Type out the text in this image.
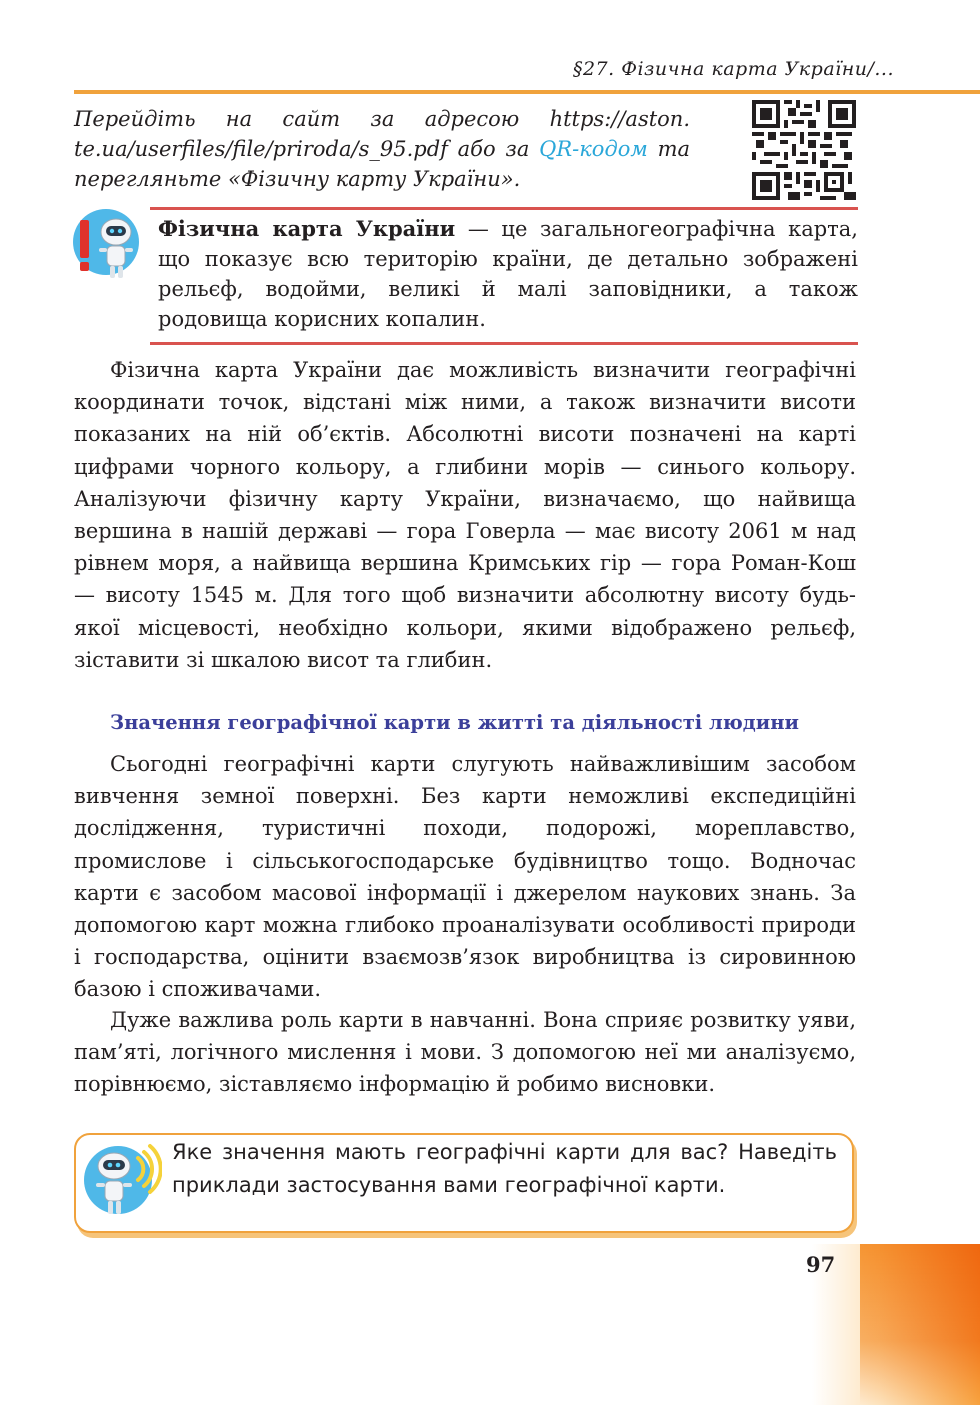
§27. Фізична карта України/...
Перейдіть на сайт за адресою https://aston. te.ua/userfiles/file/priroda/s_95.pdf або за QR-кодом та перегляньте «Фізичну карту України».
Фізична карта України — це загальногеографічна карта, що показує всю територію країни, де детально зображені рельєф, водойми, великі й малі заповідники, а також родовища корисних копалин.
Фізична карта України дає можливість визначити географічні координати точок, відстані між ними, а також визначити висоти показаних на ній об’єктів. Абсолютні висоти позначені на карті цифрами чорного кольору, а глибини морів — синього кольору. Аналізуючи фізичну карту України, визначаємо, що найвища вершина в нашій державі — гора Говерла — має висоту 2061 м над рівнем моря, а найвища вершина Кримських гір — гора Роман-Кош — висоту 1545 м. Для того щоб визначити абсолютну висоту будь-якої місцевості, необхідно кольори, якими відображено рельєф, зіставити зі шкалою висот та глибин.
Значення географічної карти в житті та діяльності людини
Сьогодні географічні карти слугують найважливішим засобом вивчення земної поверхні. Без карти неможливі експедиційні дослідження, туристичні походи, подорожі, мореплавство, промислове і сільськогосподарське будівництво тощо. Водночас карти є засобом масової інформації і джерелом наукових знань. За допомогою карт можна глибоко проаналізувати особливості природи і господарства, оцінити взаємозв’язок виробництва із сировинною базою і споживачами.
Дуже важлива роль карти в навчанні. Вона сприяє розвитку уяви, пам’яті, логічного мислення і мови. З допомогою неї ми аналізуємо, порівнюємо, зіставляємо інформацію й робимо висновки.
Яке значення мають географічні карти для вас? Наведіть приклади застосування вами географічної карти.
97
